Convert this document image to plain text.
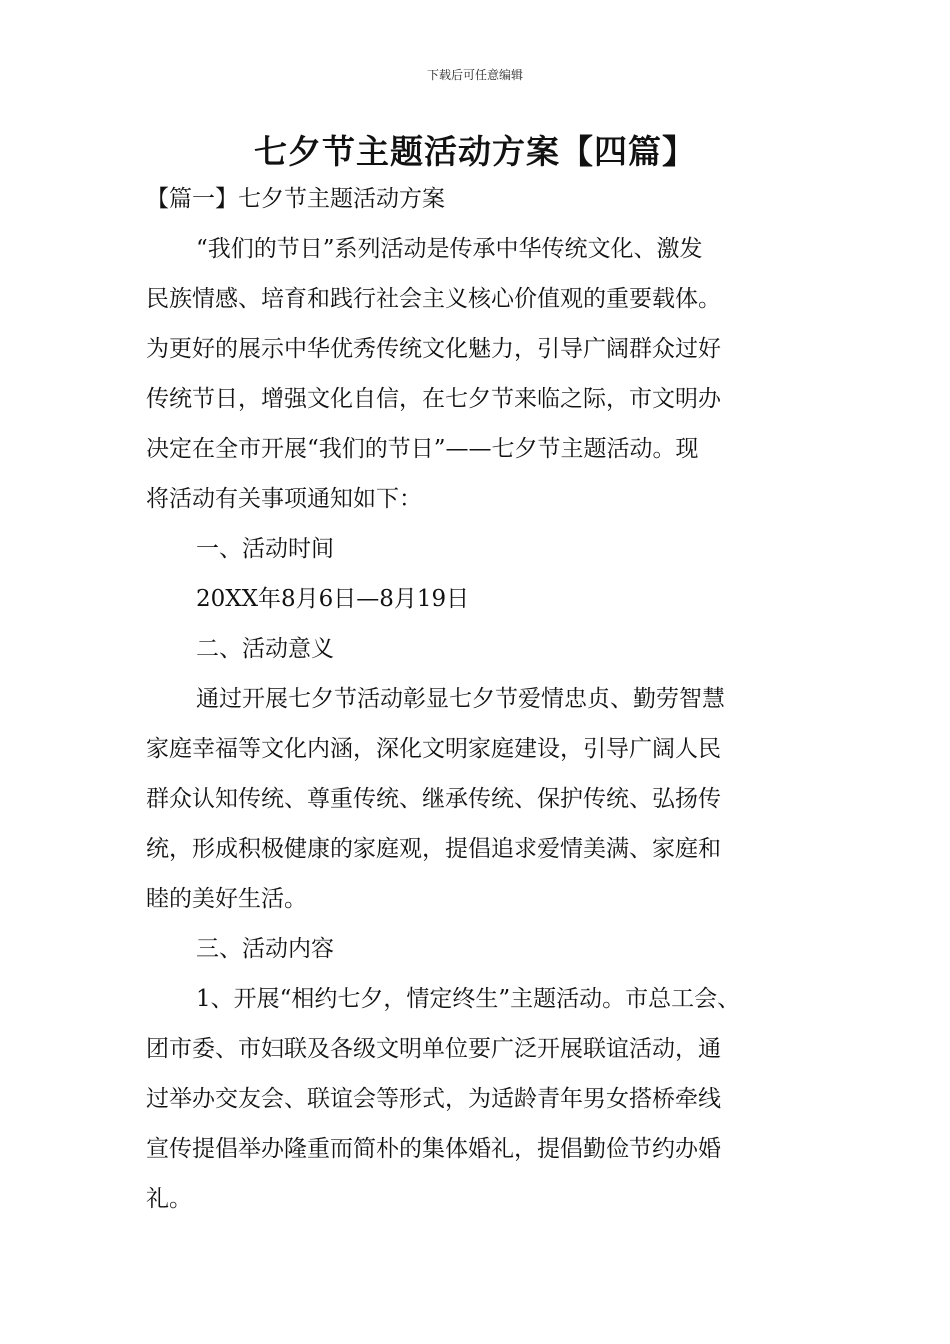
下载后可任意编辑
七夕节主题活动方案【四篇】
【篇一】七夕节主题活动方案
“我们的节日”系列活动是传承中华传统文化、激发
民族情感、培育和践行社会主义核心价值观的重要载体。
为更好的展示中华优秀传统文化魅力，引导广阔群众过好
传统节日，增强文化自信，在七夕节来临之际，市文明办
决定在全市开展“我们的节日”——七夕节主题活动。现
将活动有关事项通知如下：
一、活动时间
20XX年8月6日—8月19日
二、活动意义
通过开展七夕节活动彰显七夕节爱情忠贞、勤劳智慧
家庭幸福等文化内涵，深化文明家庭建设，引导广阔人民
群众认知传统、尊重传统、继承传统、保护传统、弘扬传
统，形成积极健康的家庭观，提倡追求爱情美满、家庭和
睦的美好生活。
三、活动内容
1、开展“相约七夕，情定终生”主题活动。市总工会、
团市委、市妇联及各级文明单位要广泛开展联谊活动，通
过举办交友会、联谊会等形式，为适龄青年男女搭桥牵线
宣传提倡举办隆重而简朴的集体婚礼，提倡勤俭节约办婚
礼。
